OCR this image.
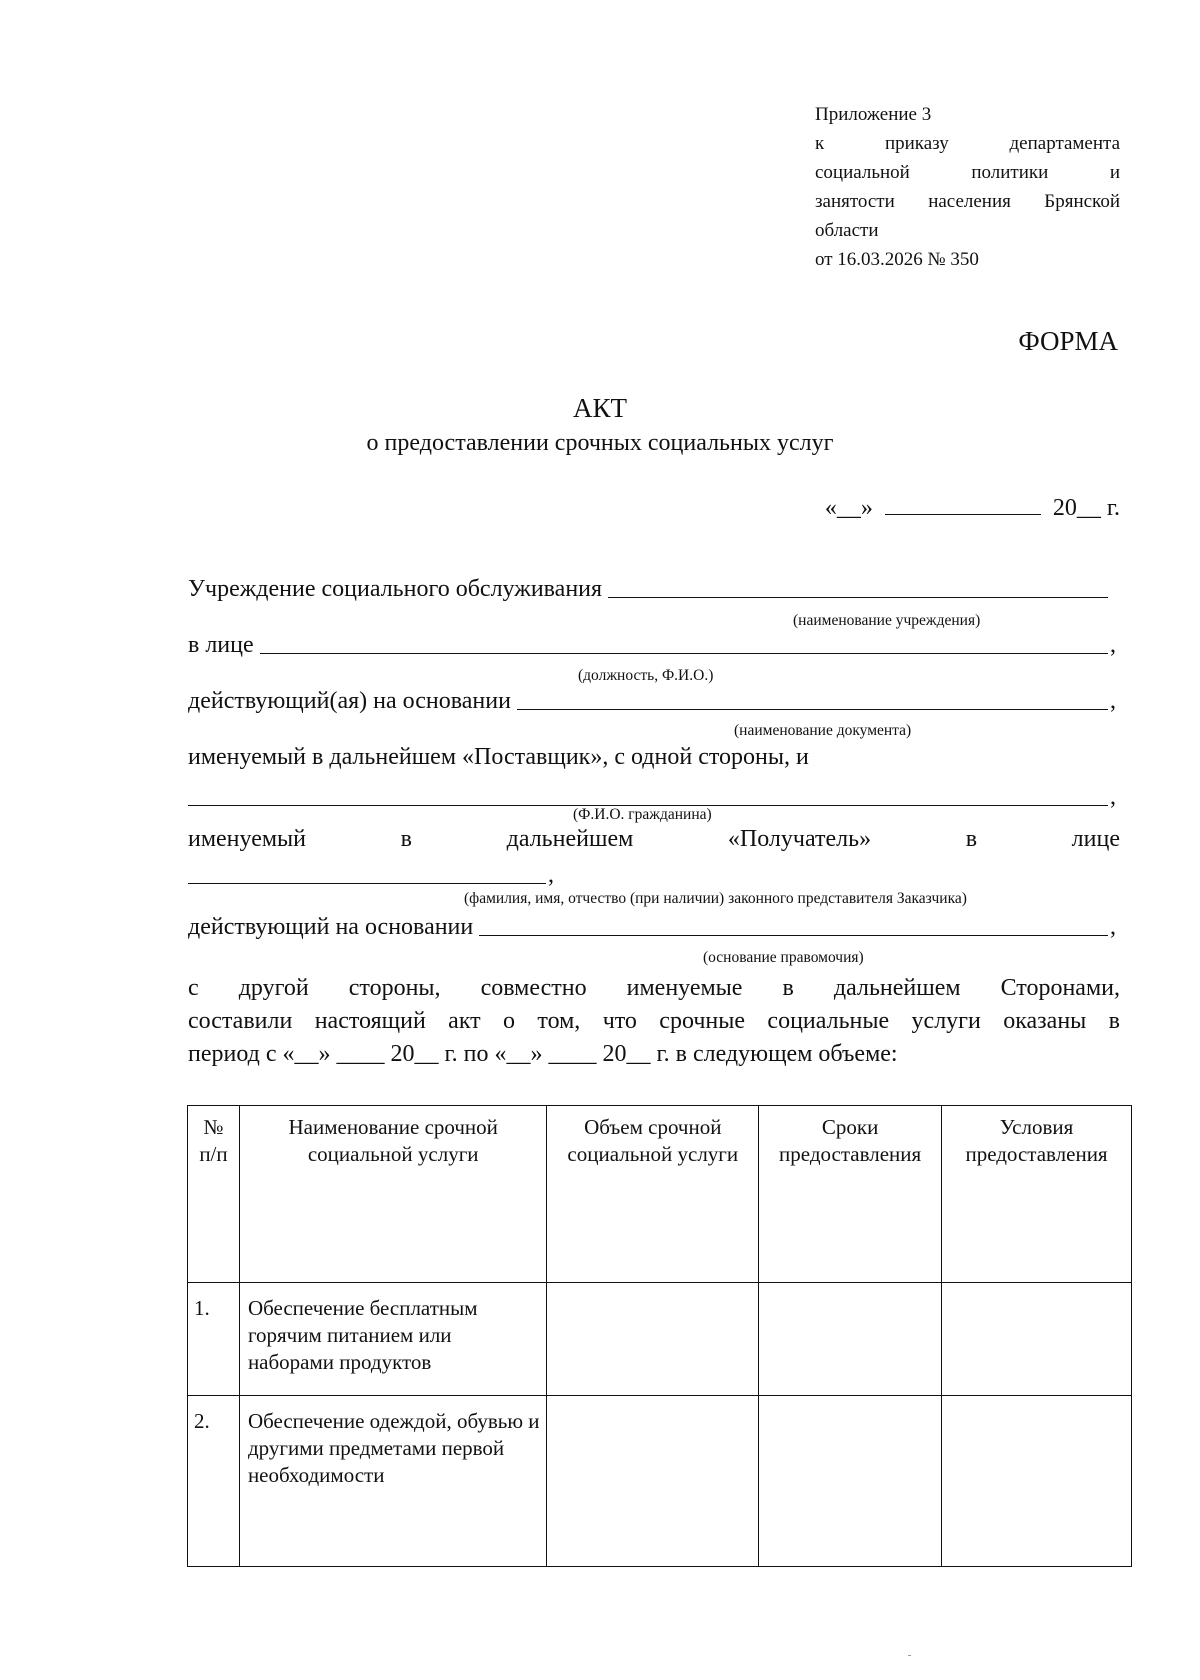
Приложение 3
к приказу департамента
социальной политики и
занятости населения Брянской
области
от 16.03.2026 № 350
ФОРМА
АКТ
о предоставлении срочных социальных услуг
«__»	20__ г.
Учреждение социального обслуживания
(наименование учреждения)
в лице	,
(должность, Ф.И.О.)
действующий(ая) на основании	,
(наименование документа)
именуемый в дальнейшем «Поставщик», с одной стороны, и
,
(Ф.И.О. гражданина)
именуемый	в	дальнейшем	«Получатель»	в	лице
,
(фамилия, имя, отчество (при наличии) законного представителя Заказчика)
действующий на основании	,
(основание правомочия)
с другой стороны, совместно именуемые в дальнейшем Сторонами,
составили настоящий акт о том, что срочные социальные услуги оказаны в
период с «__» ____ 20__ г. по «__» ____ 20__ г. в следующем объеме:
№ п/п	Наименование срочной социальной услуги	Объем срочной социальной услуги	Сроки предоставления	Условия предоставления
1.	Обеспечение бесплатным горячим питанием или наборами продуктов			
2.	Обеспечение одеждой, обувью и другими предметами первой необходимости			
